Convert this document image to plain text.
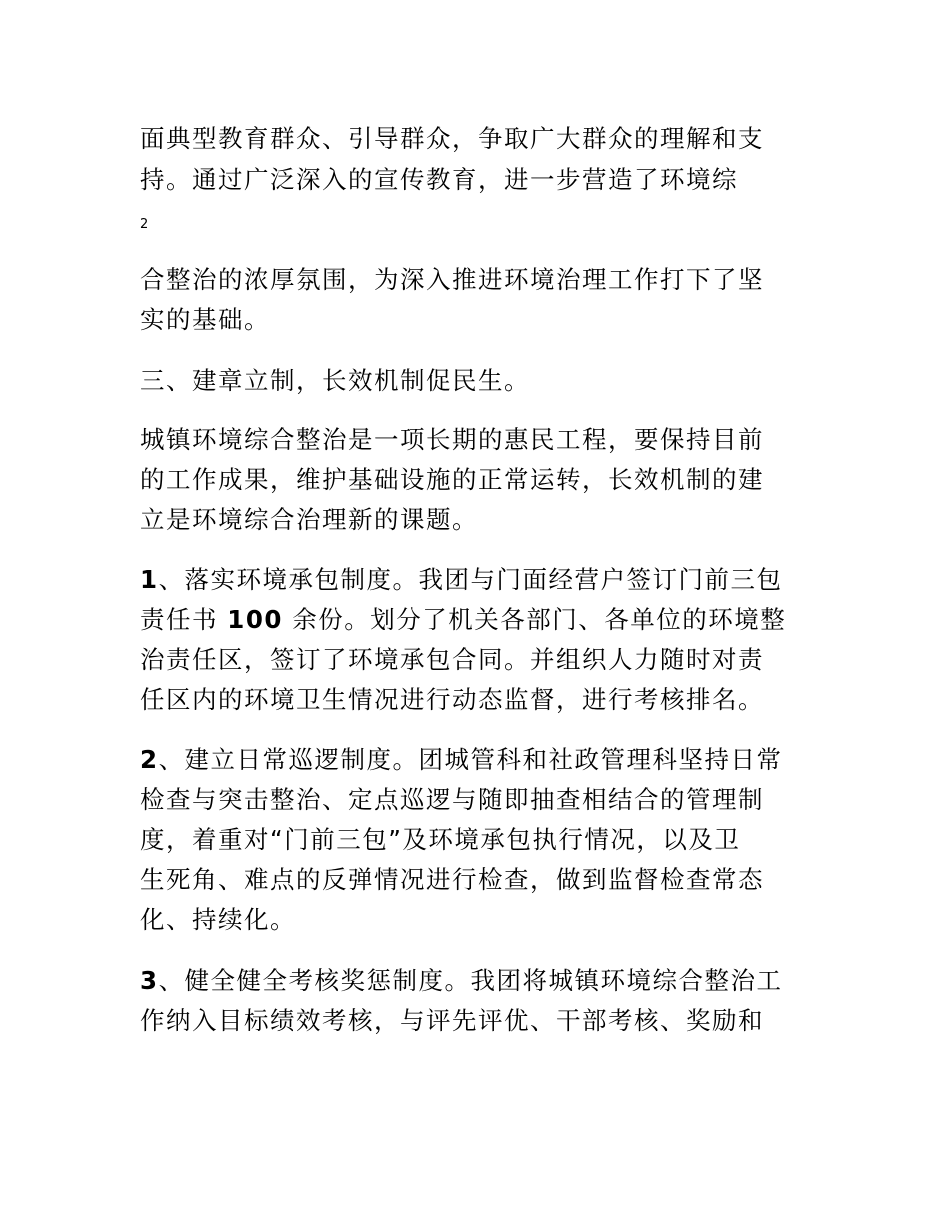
面典型教育群众、引导群众，争取广大群众的理解和支
持。通过广泛深入的宣传教育，进一步营造了环境综
2
合整治的浓厚氛围，为深入推进环境治理工作打下了坚
实的基础。
三、建章立制，长效机制促民生。
城镇环境综合整治是一项长期的惠民工程，要保持目前
的工作成果，维护基础设施的正常运转，长效机制的建
立是环境综合治理新的课题。
1、落实环境承包制度。我团与门面经营户签订门前三包
责任书 100 余份。划分了机关各部门、各单位的环境整
治责任区，签订了环境承包合同。并组织人力随时对责
任区内的环境卫生情况进行动态监督，进行考核排名。
2、建立日常巡逻制度。团城管科和社政管理科坚持日常
检查与突击整治、定点巡逻与随即抽查相结合的管理制
度，着重对“门前三包”及环境承包执行情况，以及卫
生死角、难点的反弹情况进行检查，做到监督检查常态
化、持续化。
3、健全健全考核奖惩制度。我团将城镇环境综合整治工
作纳入目标绩效考核，与评先评优、干部考核、奖励和
